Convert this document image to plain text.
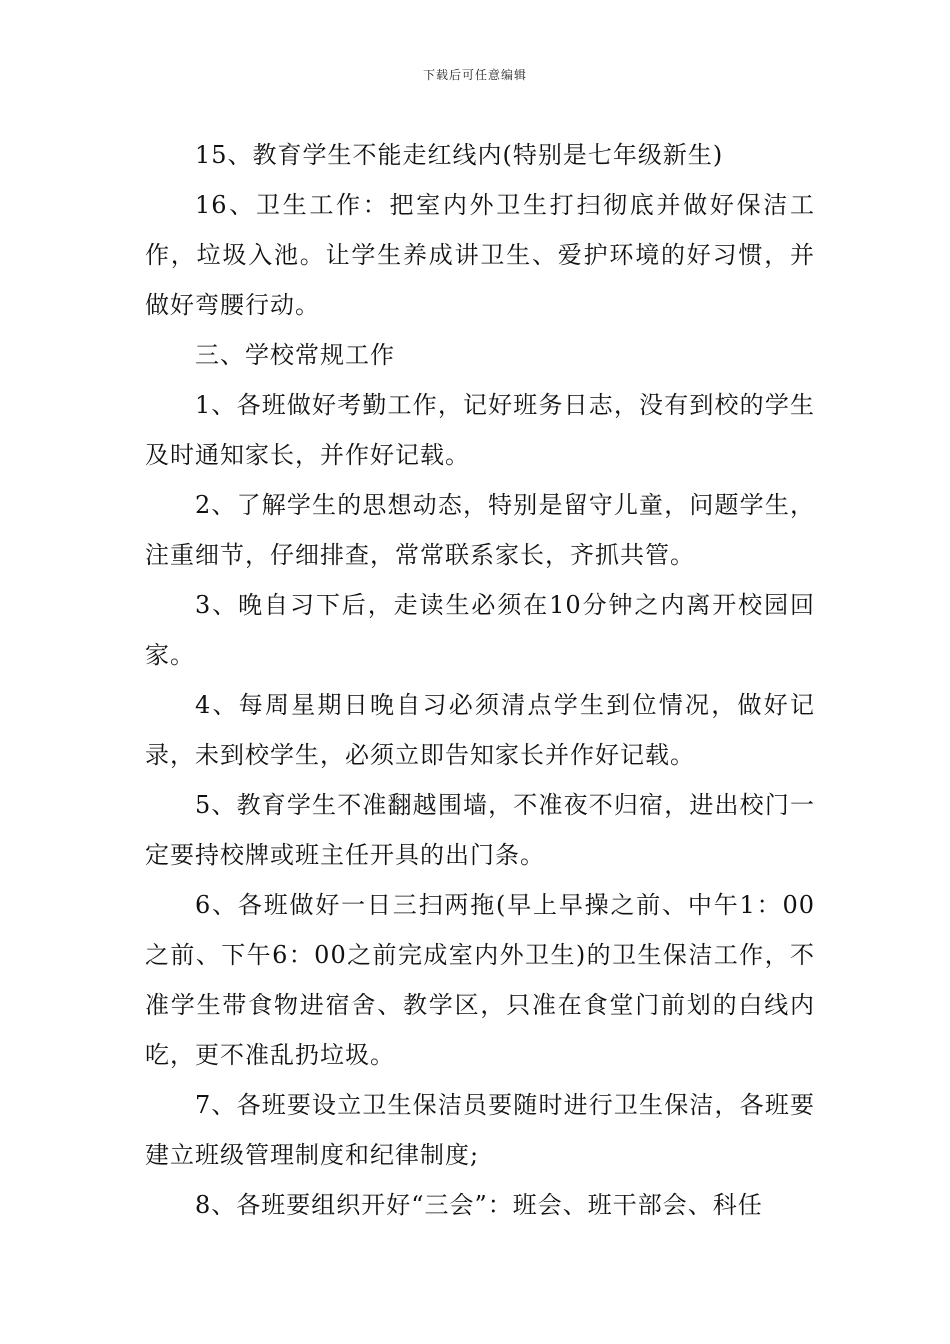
下载后可任意编辑

15、教育学生不能走红线内(特别是七年级新生)

16、卫生工作：把室内外卫生打扫彻底并做好保洁工作，垃圾入池。让学生养成讲卫生、爱护环境的好习惯，并做好弯腰行动。

三、学校常规工作

1、各班做好考勤工作，记好班务日志，没有到校的学生及时通知家长，并作好记载。

2、了解学生的思想动态，特别是留守儿童，问题学生，注重细节，仔细排查，常常联系家长，齐抓共管。

3、晚自习下后，走读生必须在10分钟之内离开校园回家。

4、每周星期日晚自习必须清点学生到位情况，做好记录，未到校学生，必须立即告知家长并作好记载。

5、教育学生不准翻越围墙，不准夜不归宿，进出校门一定要持校牌或班主任开具的出门条。

6、各班做好一日三扫两拖(早上早操之前、中午1：00之前、下午6：00之前完成室内外卫生)的卫生保洁工作，不准学生带食物进宿舍、教学区，只准在食堂门前划的白线内吃，更不准乱扔垃圾。

7、各班要设立卫生保洁员要随时进行卫生保洁，各班要建立班级管理制度和纪律制度;

8、各班要组织开好“三会”：班会、班干部会、科任
